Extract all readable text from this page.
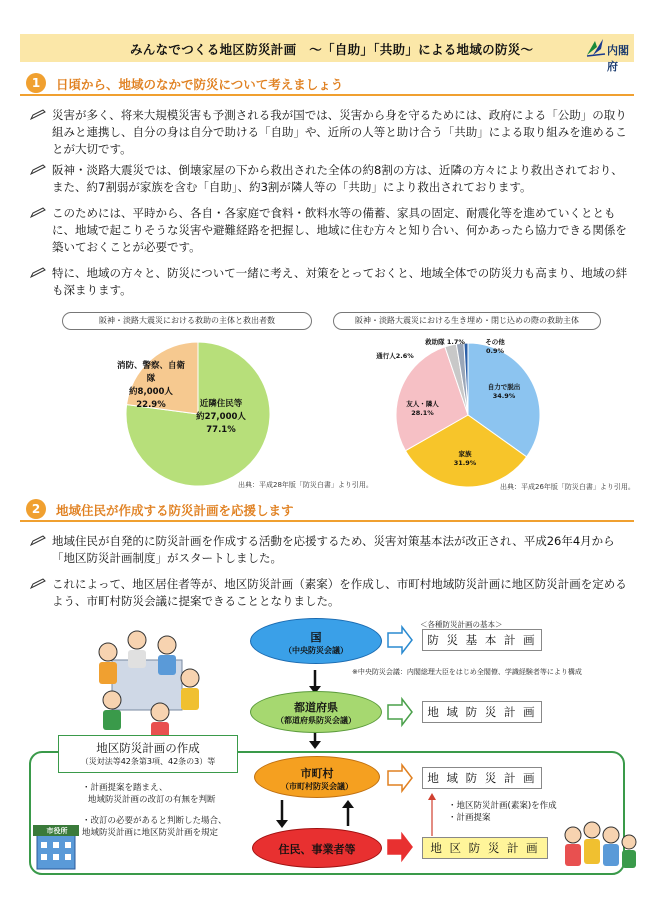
みんなでつくる地区防災計画　～「自助」「共助」による地域の防災～	内閣府
1	日頃から、地域のなかで防災について考えましょう
災害が多く、将来大規模災害も予測される我が国では、災害から身を守るためには、政府による「公助」の取り組みと連携し、自分の身は自分で助ける「自助」や、近所の人等と助け合う「共助」による取り組みを進めることが大切です。
阪神・淡路大震災では、倒壊家屋の下から救出された全体の約8割の方は、近隣の方々により救出されており、また、約7割弱が家族を含む「自助」、約3割が隣人等の「共助」により救出されております。
このためには、平時から、各自・各家庭で食料・飲料水等の備蓄、家具の固定、耐震化等を進めていくとともに、地域で起こりそうな災害や避難経路を把握し、地域に住む方々と知り合い、何かあったら協力できる関係を築いておくことが必要です。
特に、地域の方々と、防災について一緒に考え、対策をとっておくと、地域全体での防災力も高まり、地域の絆も深まります。
阪神・淡路大震災における救助の主体と救出者数
消防、警察、自衛隊
約8,000人
22.9%	近隣住民等
約27,000人
77.1%
出典：平成28年版「防災白書」より引用。
阪神・淡路大震災における生き埋め・閉じ込めの際の救助主体
自力で脱出
34.9%
家族
31.9%
友人・隣人
28.1%
通行人2.6%
救助隊 1.7%	その他
0.9%
出典：平成26年版「防災白書」より引用。
2	地域住民が作成する防災計画を応援します
地域住民が自発的に防災計画を作成する活動を応援するため、災害対策基本法が改正され、平成26年4月から「地区防災計画制度」がスタートしました。
これによって、地区居住者等が、地区防災計画（素案）を作成し、市町村地域防災計画に地区防災計画を定めるよう、市町村防災会議に提案できることとなりました。
＜各種防災計画の基本＞
国
（中央防災会議）
防 災 基 本 計 画
※中央防災会議：内閣総理大臣をはじめ全閣僚、学識経験者等により構成
都道府県
（都道府県防災会議）
地 域 防 災 計 画
地区防災計画の作成
（災対法等42条第3項、42条の3）等
市町村
（市町村防災会議）
地 域 防 災 計 画
住民、事業者等	地 区 防 災 計 画
・計画提案を踏まえ、
地域防災計画の改訂の有無を判断
・改訂の必要があると判断した場合、
地域防災計画に地区防災計画を規定
・地区防災計画(素案)を作成
・計画提案
市役所
